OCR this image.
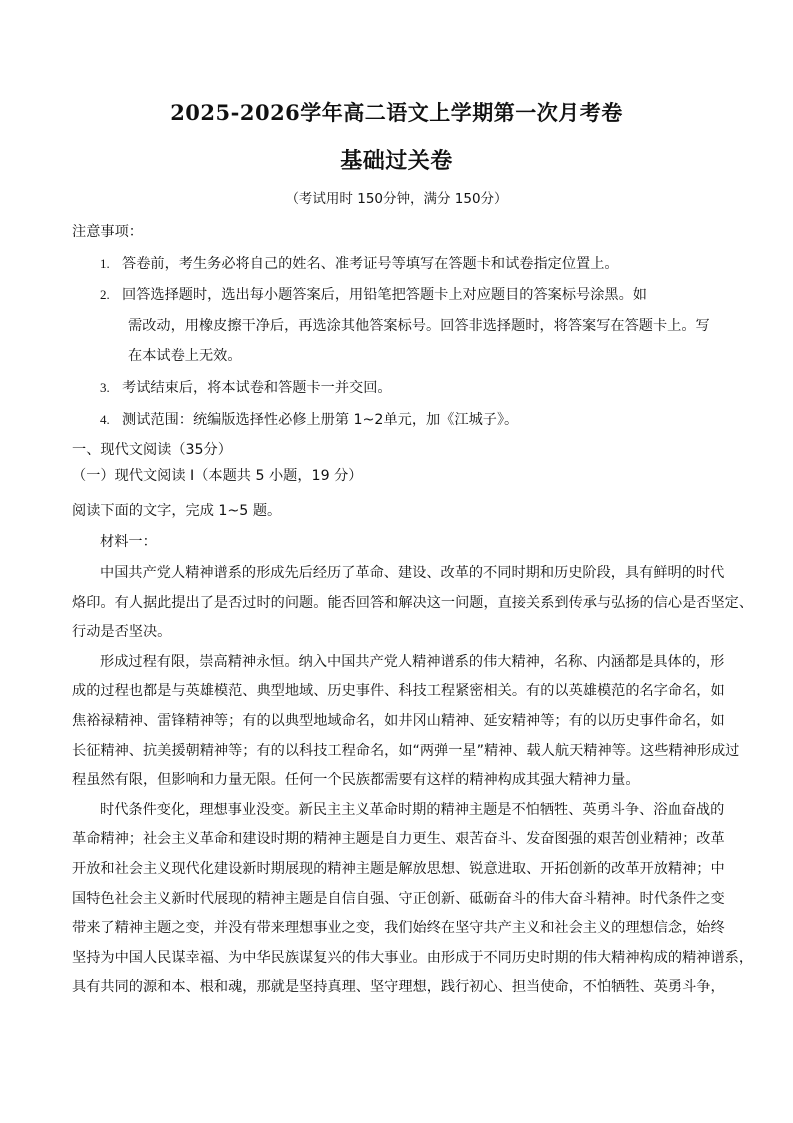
2025-2026学年高二语文上学期第一次月考卷
基础过关卷
（考试用时 150分钟，满分 150分）
注意事项：
1. 答卷前，考生务必将自己的姓名、准考证号等填写在答题卡和试卷指定位置上。
2. 回答选择题时，选出每小题答案后，用铅笔把答题卡上对应题目的答案标号涂黑。如
需改动，用橡皮擦干净后，再选涂其他答案标号。回答非选择题时，将答案写在答题卡上。写
在本试卷上无效。
3. 考试结束后，将本试卷和答题卡一并交回。
4. 测试范围：统编版选择性必修上册第 1~2单元，加《江城子》。
一、现代文阅读（35分）
（一）现代文阅读 I（本题共 5 小题，19 分）
阅读下面的文字，完成 1~5 题。
材料一：
中国共产党人精神谱系的形成先后经历了革命、建设、改革的不同时期和历史阶段，具有鲜明的时代
烙印。有人据此提出了是否过时的问题。能否回答和解决这一问题，直接关系到传承与弘扬的信心是否坚定、
行动是否坚决。
形成过程有限，崇高精神永恒。纳入中国共产党人精神谱系的伟大精神，名称、内涵都是具体的，形
成的过程也都是与英雄模范、典型地域、历史事件、科技工程紧密相关。有的以英雄模范的名字命名，如
焦裕禄精神、雷锋精神等；有的以典型地域命名，如井冈山精神、延安精神等；有的以历史事件命名，如
长征精神、抗美援朝精神等；有的以科技工程命名，如“两弹一星”精神、载人航天精神等。这些精神形成过
程虽然有限，但影响和力量无限。任何一个民族都需要有这样的精神构成其强大精神力量。
时代条件变化，理想事业没变。新民主主义革命时期的精神主题是不怕牺牲、英勇斗争、浴血奋战的
革命精神；社会主义革命和建设时期的精神主题是自力更生、艰苦奋斗、发奋图强的艰苦创业精神；改革
开放和社会主义现代化建设新时期展现的精神主题是解放思想、锐意进取、开拓创新的改革开放精神；中
国特色社会主义新时代展现的精神主题是自信自强、守正创新、砥砺奋斗的伟大奋斗精神。时代条件之变
带来了精神主题之变，并没有带来理想事业之变，我们始终在坚守共产主义和社会主义的理想信念，始终
坚持为中国人民谋幸福、为中华民族谋复兴的伟大事业。由形成于不同历史时期的伟大精神构成的精神谱系，
具有共同的源和本、根和魂，那就是坚持真理、坚守理想，践行初心、担当使命，不怕牺牲、英勇斗争，
